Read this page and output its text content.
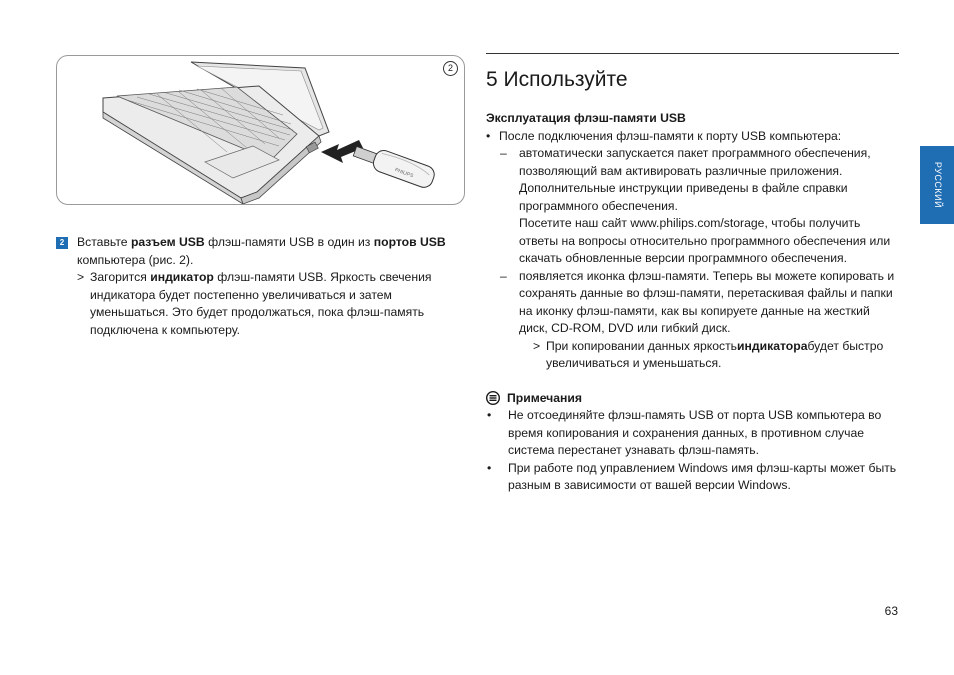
2
PHILIPS
2	Вставьте разъем USB флэш-памяти USB в один из портов USB компьютера (рис. 2).
> Загорится индикатор флэш-памяти USB. Яркость свечения индикатора будет постепенно увеличиваться и затем уменьшаться. Это будет продолжаться, пока флэш-память подключена к компьютеру.
5 Используйте
Эксплуатация флэш-памяти USB
• После подключения флэш-памяти к порту USB компьютера:
–	автоматически запускается пакет программного обеспечения, позволяющий вам активировать различные приложения. Дополнительные инструкции приведены в файле справки программного обеспечения.
Посетите наш сайт www.philips.com/storage, чтобы получить ответы на вопросы относительно программного обеспечения или скачать обновленные версии программного обеспечения.
–	появляется иконка флэш-памяти. Теперь вы можете копировать и сохранять данные во флэш-памяти, перетаскивая файлы и папки на иконку флэш-памяти, как вы копируете данные на жесткий диск, CD-ROM, DVD или гибкий диск.
> При копировании данных яркостьиндикаторабудет быстро увеличиваться и уменьшаться.
Примечания
•	Не отсоединяйте флэш-память USB от порта USB компьютера во время копирования и сохранения данных, в противном случае система перестанет узнавать флэш-память.
•	При работе под управлением Windows имя флэш-карты может быть разным в зависимости от вашей версии Windows.
РУССКИЙ
63
